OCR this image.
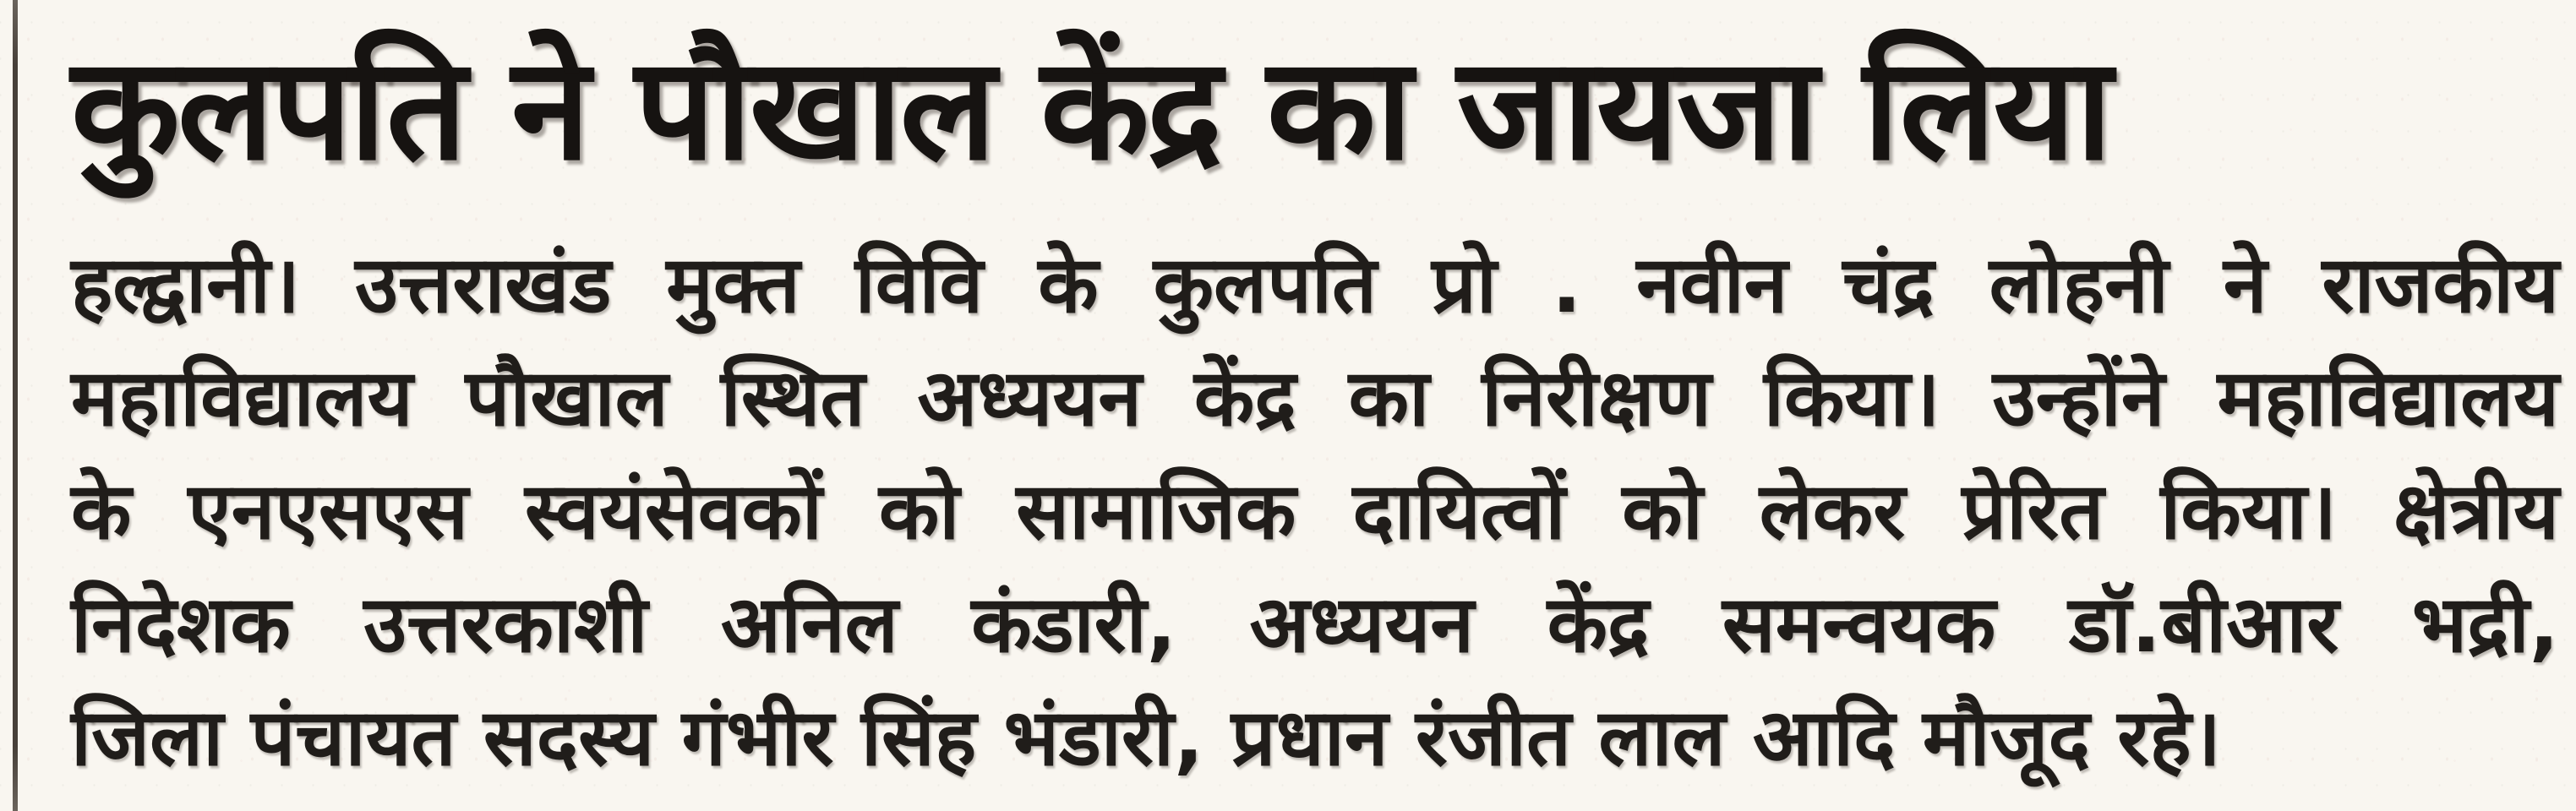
कुलपति ने पौखाल केंद्र का जायजा लिया
हल्द्वानी। उत्तराखंड मुक्त विवि के कुलपति प्रो . नवीन चंद्र लोहनी ने राजकीय
महाविद्यालय पौखाल स्थित अध्ययन केंद्र का निरीक्षण किया। उन्होंने महाविद्यालय
के एनएसएस स्वयंसेवकों को सामाजिक दायित्वों को लेकर प्रेरित किया। क्षेत्रीय
निदेशक उत्तरकाशी अनिल कंडारी, अध्ययन केंद्र समन्वयक डॉ.बीआर भद्री,
जिला पंचायत सदस्य गंभीर सिंह भंडारी, प्रधान रंजीत लाल आदि मौजूद रहे।
